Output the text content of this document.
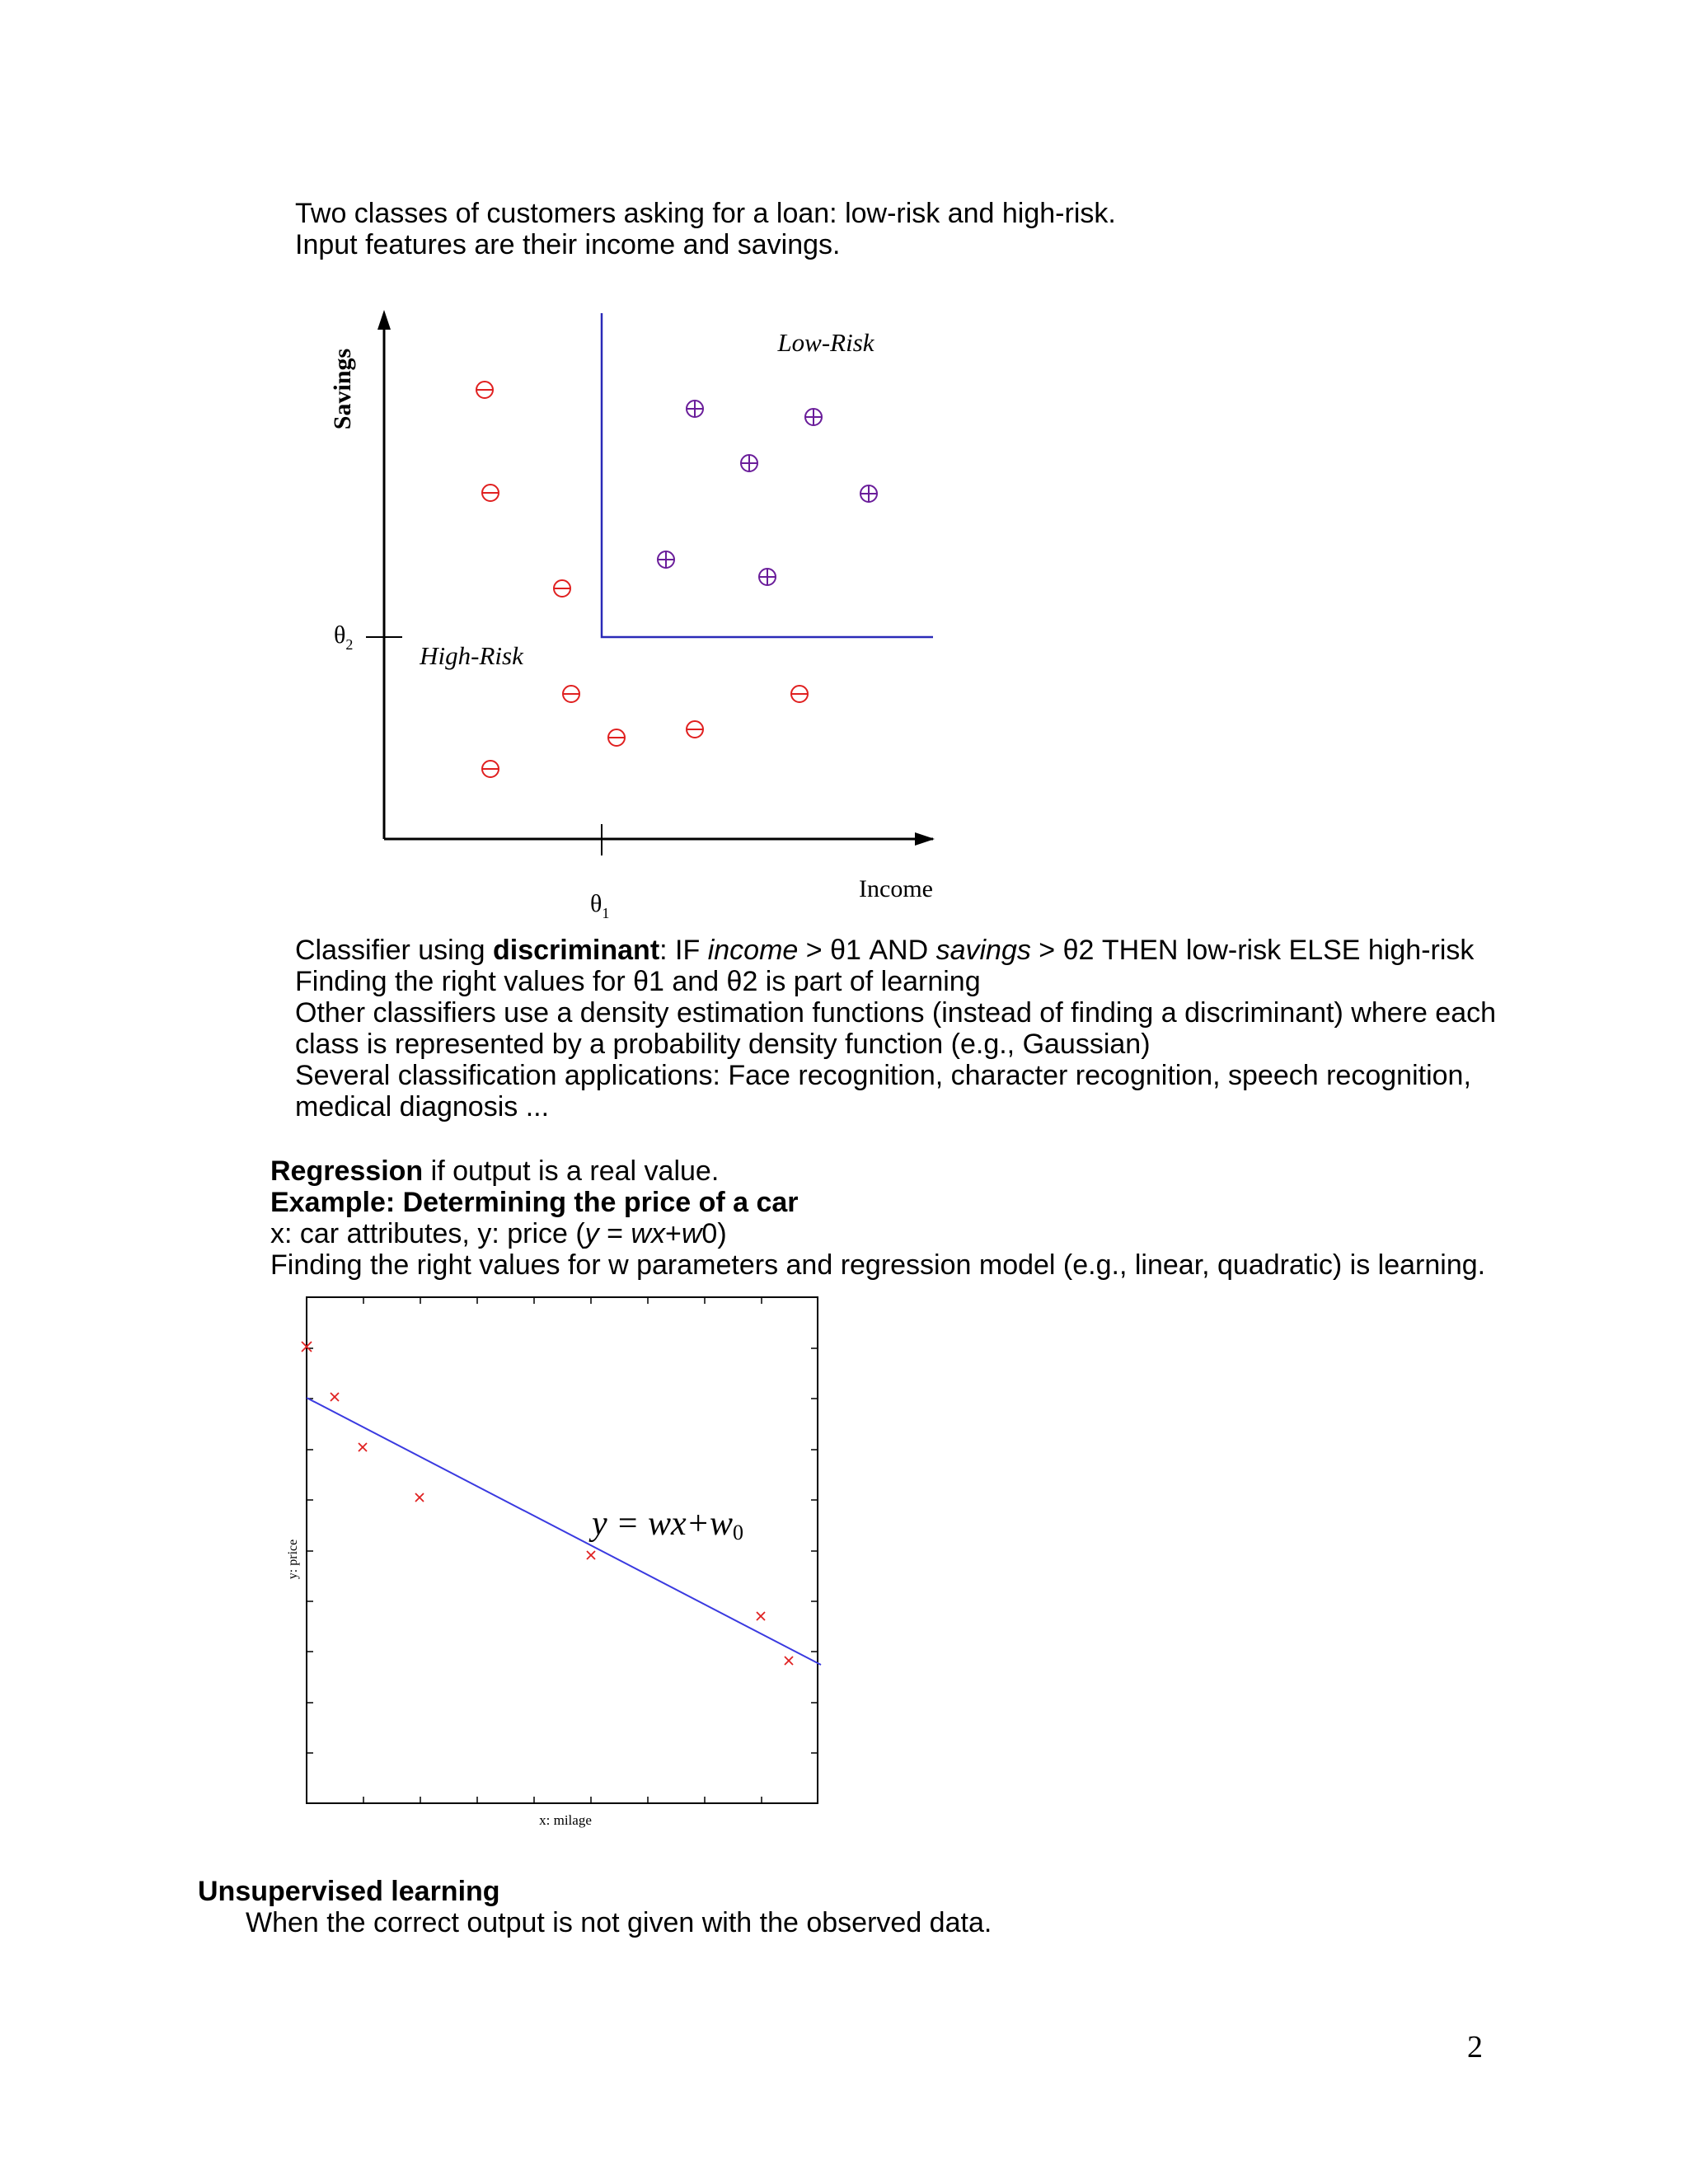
Two classes of customers asking for a loan: low-risk and high-risk.
Input features are their income and savings.
Savings
Income
Low-Risk
High-Risk
$\theta_2$
$\theta_1$
Classifier using discriminant: IF income > θ1 AND savings > θ2 THEN low-risk ELSE high-risk
Finding the right values for θ1 and θ2 is part of learning
Other classifiers use a density estimation functions (instead of finding a discriminant) where each
class is represented by a probability density function (e.g., Gaussian)
Several classification applications: Face recognition, character recognition, speech recognition,
medical diagnosis ...
Regression if output is a real value.
Example: Determining the price of a car
x: car attributes, y: price (y = wx+w0)
Finding the right values for w parameters and regression model (e.g., linear, quadratic) is learning.
y = wx+w0
y: price
x: milage
Unsupervised learning
When the correct output is not given with the observed data.
2
